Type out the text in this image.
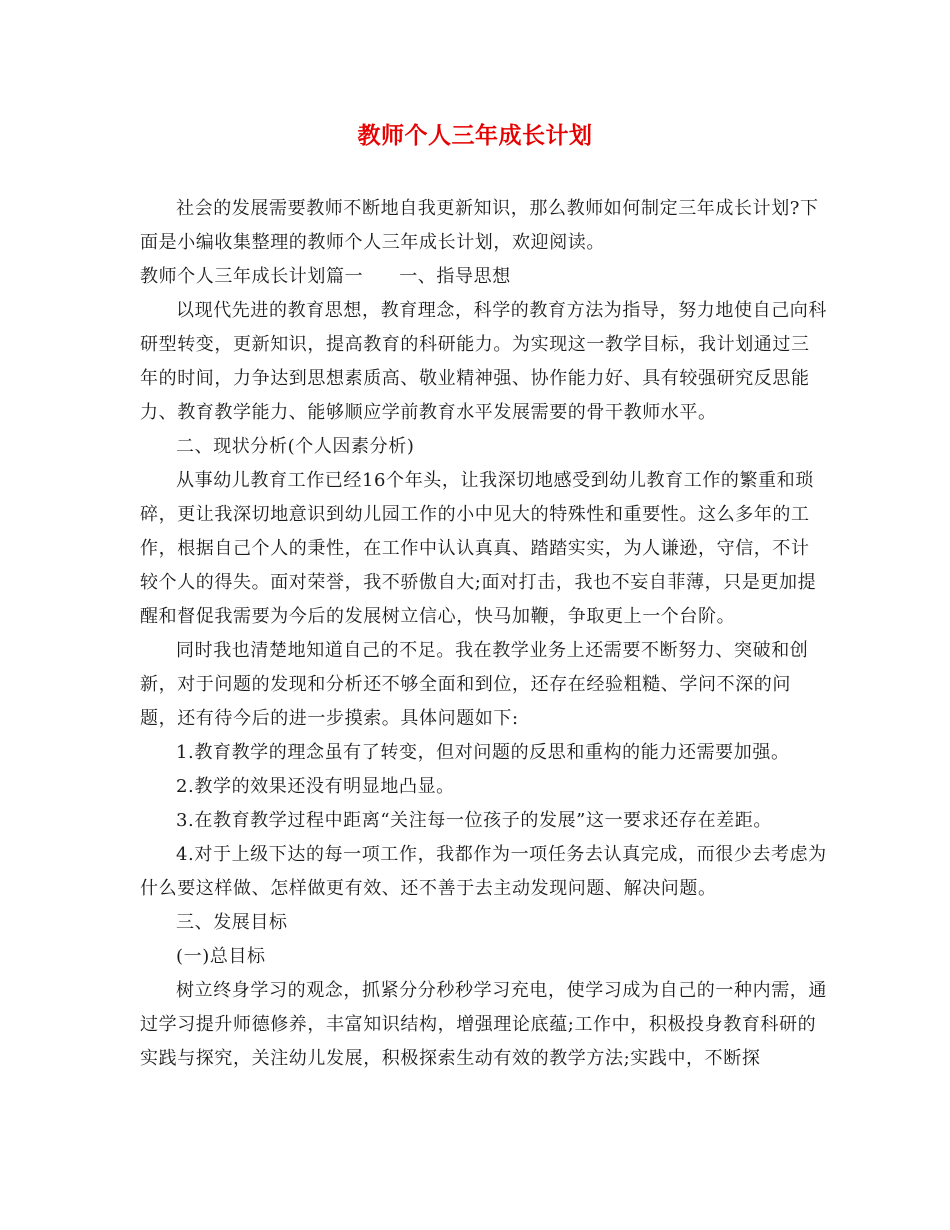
教师个人三年成长计划

社会的发展需要教师不断地自我更新知识，那么教师如何制定三年成长计划?下面是小编收集整理的教师个人三年成长计划，欢迎阅读。

教师个人三年成长计划篇一 一、指导思想

以现代先进的教育思想，教育理念，科学的教育方法为指导，努力地使自己向科研型转变，更新知识，提高教育的科研能力。为实现这一教学目标，我计划通过三年的时间，力争达到思想素质高、敬业精神强、协作能力好、具有较强研究反思能力、教育教学能力、能够顺应学前教育水平发展需要的骨干教师水平。

二、现状分析(个人因素分析)

从事幼儿教育工作已经16个年头，让我深切地感受到幼儿教育工作的繁重和琐碎，更让我深切地意识到幼儿园工作的小中见大的特殊性和重要性。这么多年的工作，根据自己个人的秉性，在工作中认认真真、踏踏实实，为人谦逊，守信，不计较个人的得失。面对荣誉，我不骄傲自大;面对打击，我也不妄自菲薄，只是更加提醒和督促我需要为今后的发展树立信心，快马加鞭，争取更上一个台阶。

同时我也清楚地知道自己的不足。我在教学业务上还需要不断努力、突破和创新，对于问题的发现和分析还不够全面和到位，还存在经验粗糙、学问不深的问题，还有待今后的进一步摸索。具体问题如下:

1.教育教学的理念虽有了转变，但对问题的反思和重构的能力还需要加强。

2.教学的效果还没有明显地凸显。

3.在教育教学过程中距离“关注每一位孩子的发展”这一要求还存在差距。

4.对于上级下达的每一项工作，我都作为一项任务去认真完成，而很少去考虑为什么要这样做、怎样做更有效、还不善于去主动发现问题、解决问题。

三、发展目标

(一)总目标

树立终身学习的观念，抓紧分分秒秒学习充电，使学习成为自己的一种内需，通过学习提升师德修养，丰富知识结构，增强理论底蕴;工作中，积极投身教育科研的实践与探究，关注幼儿发展，积极探索生动有效的教学方法;实践中，不断探
